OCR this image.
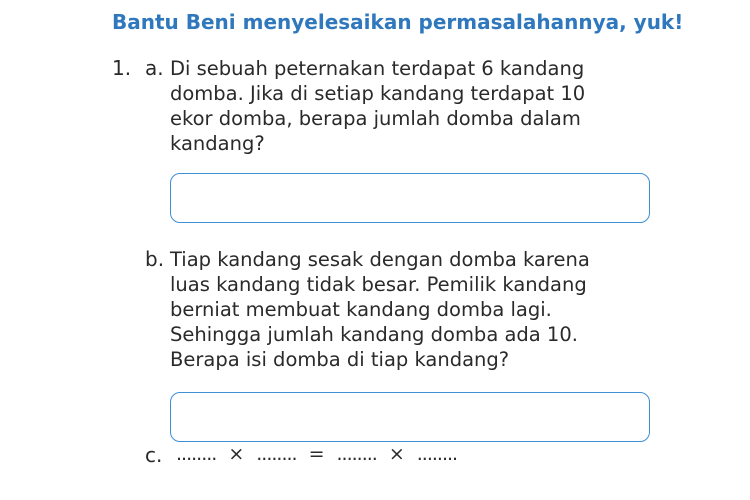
Bantu Beni menyelesaikan permasalahannya, yuk!
1. a. Di sebuah peternakan terdapat 6 kandang
domba. Jika di setiap kandang terdapat 10
ekor domba, berapa jumlah domba dalam
kandang?
b. Tiap kandang sesak dengan domba karena
luas kandang tidak besar. Pemilik kandang
berniat membuat kandang domba lagi.
Sehingga jumlah kandang domba ada 10.
Berapa isi domba di tiap kandang?
c. ........ × ........ = ........ × ........
